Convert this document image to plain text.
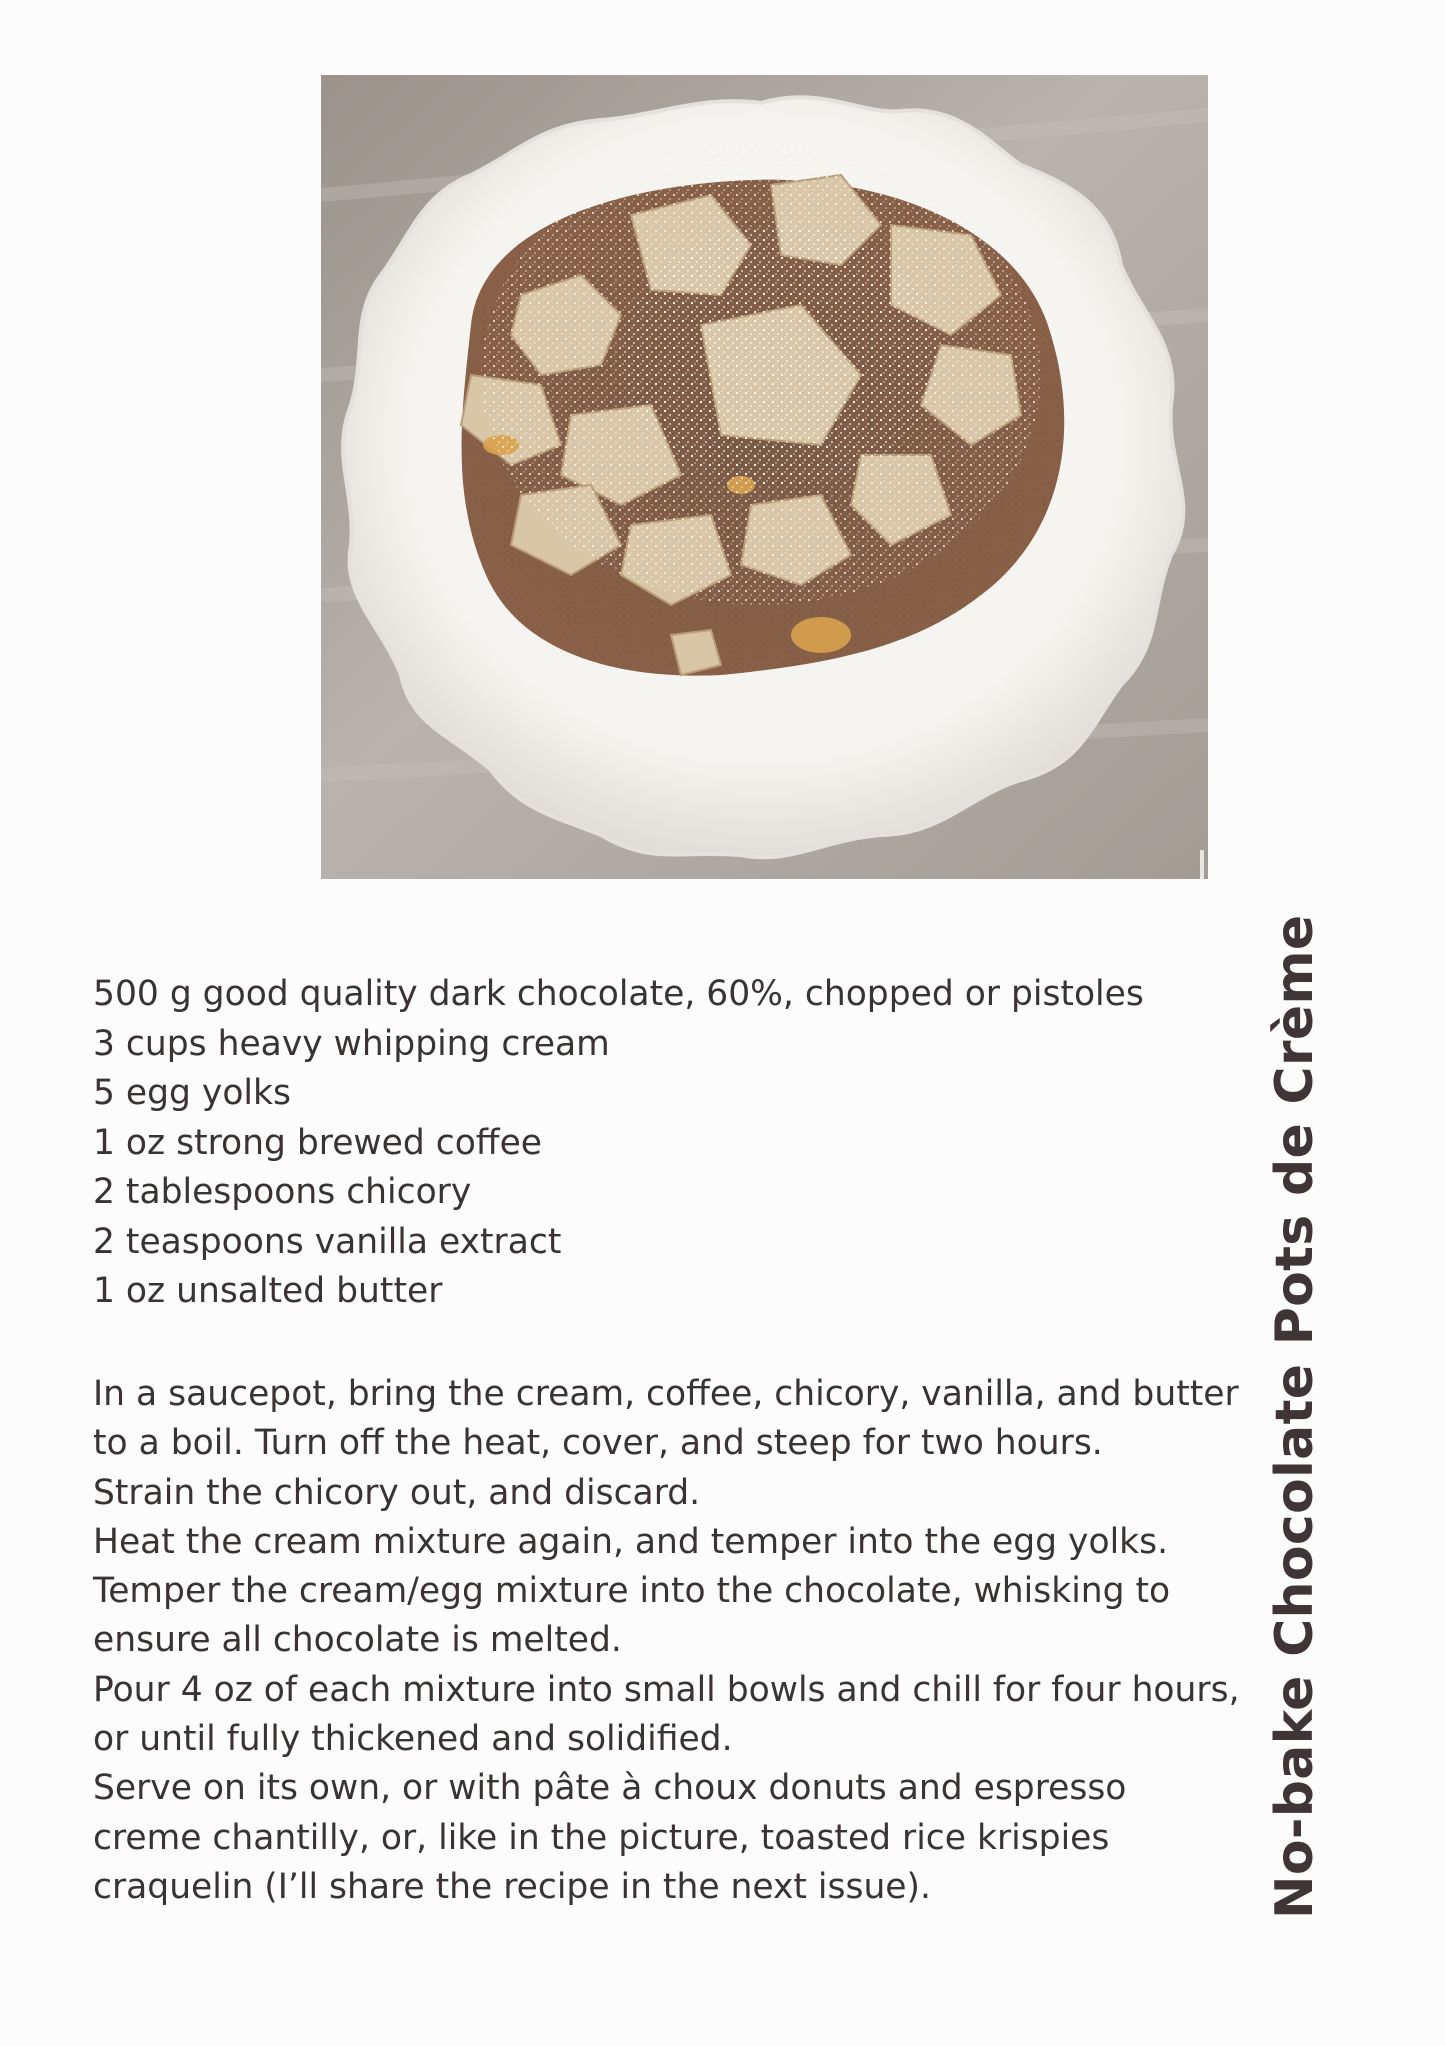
500 g good quality dark chocolate, 60%, chopped or pistoles
3 cups heavy whipping cream
5 egg yolks
1 oz strong brewed coffee
2 tablespoons chicory
2 teaspoons vanilla extract
1 oz unsalted butter

In a saucepot, bring the cream, coffee, chicory, vanilla, and butter

to a boil. Turn off the heat, cover, and steep for two hours.

Strain the chicory out, and discard.

Heat the cream mixture again, and temper into the egg yolks.

Temper the cream/egg mixture into the chocolate, whisking to

ensure all chocolate is melted.

Pour 4 oz of each mixture into small bowls and chill for four hours,

or until fully thickened and solidified.

Serve on its own, or with pâte à choux donuts and espresso

creme chantilly, or, like in the picture, toasted rice krispies

craquelin (I’ll share the recipe in the next issue).	No-bake Chocolate Pots de Crème
